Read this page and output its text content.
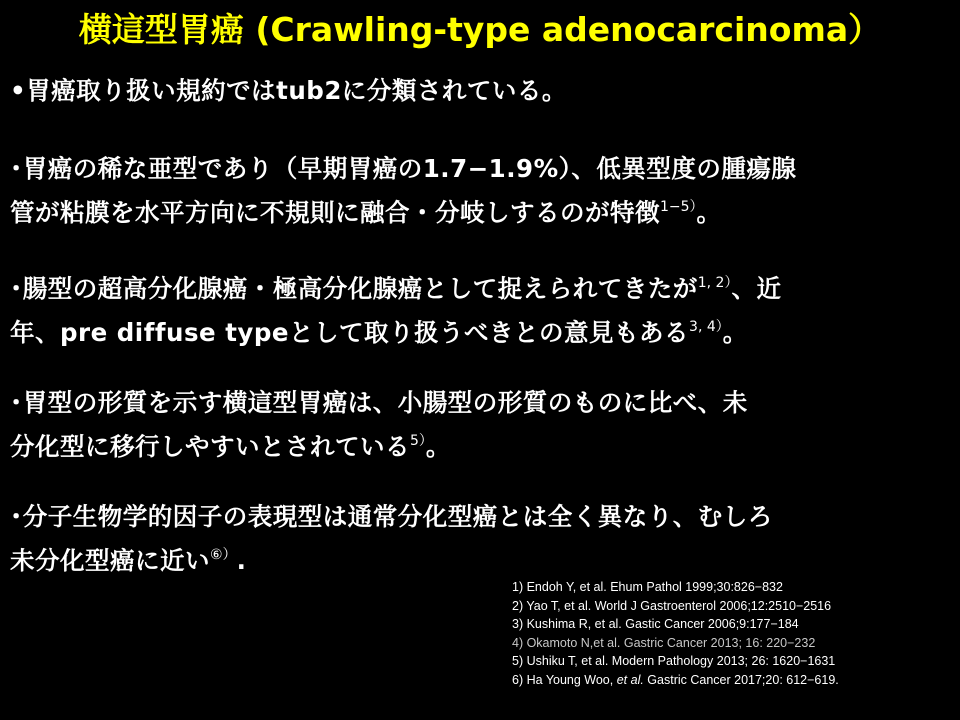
横這型胃癌 (Crawling-type adenocarcinoma）
•胃癌取り扱い規約ではtub2に分類されている。
･胃癌の稀な亜型であり（早期胃癌の1.7−1.9%）、低異型度の腫瘍腺
管が粘膜を水平方向に不規則に融合・分岐しするのが特徴$^{1-5)}$。
･腸型の超高分化腺癌・極高分化腺癌として捉えられてきたが$^{1, 2)}$、近
年、pre diffuse typeとして取り扱うべきとの意見もある$^{3, 4)}$。
･胃型の形質を示す横這型胃癌は、小腸型の形質のものに比べ、未
分化型に移行しやすいとされている$^{5)}$。
･分子生物学的因子の表現型は通常分化型癌とは全く異なり、むしろ
未分化型癌に近い⑥）.
1) Endoh Y, et al. Ehum Pathol 1999;30:826−832
2) Yao T, et al. World J Gastroenterol 2006;12:2510−2516
3) Kushima R, et al. Gastic Cancer 2006;9:177−184
4) Okamoto N,et al. Gastric Cancer 2013; 16: 220−232
5) Ushiku T, et al. Modern Pathology 2013; 26: 1620−1631
6) Ha Young Woo, et al. Gastric Cancer 2017;20: 612−619.
